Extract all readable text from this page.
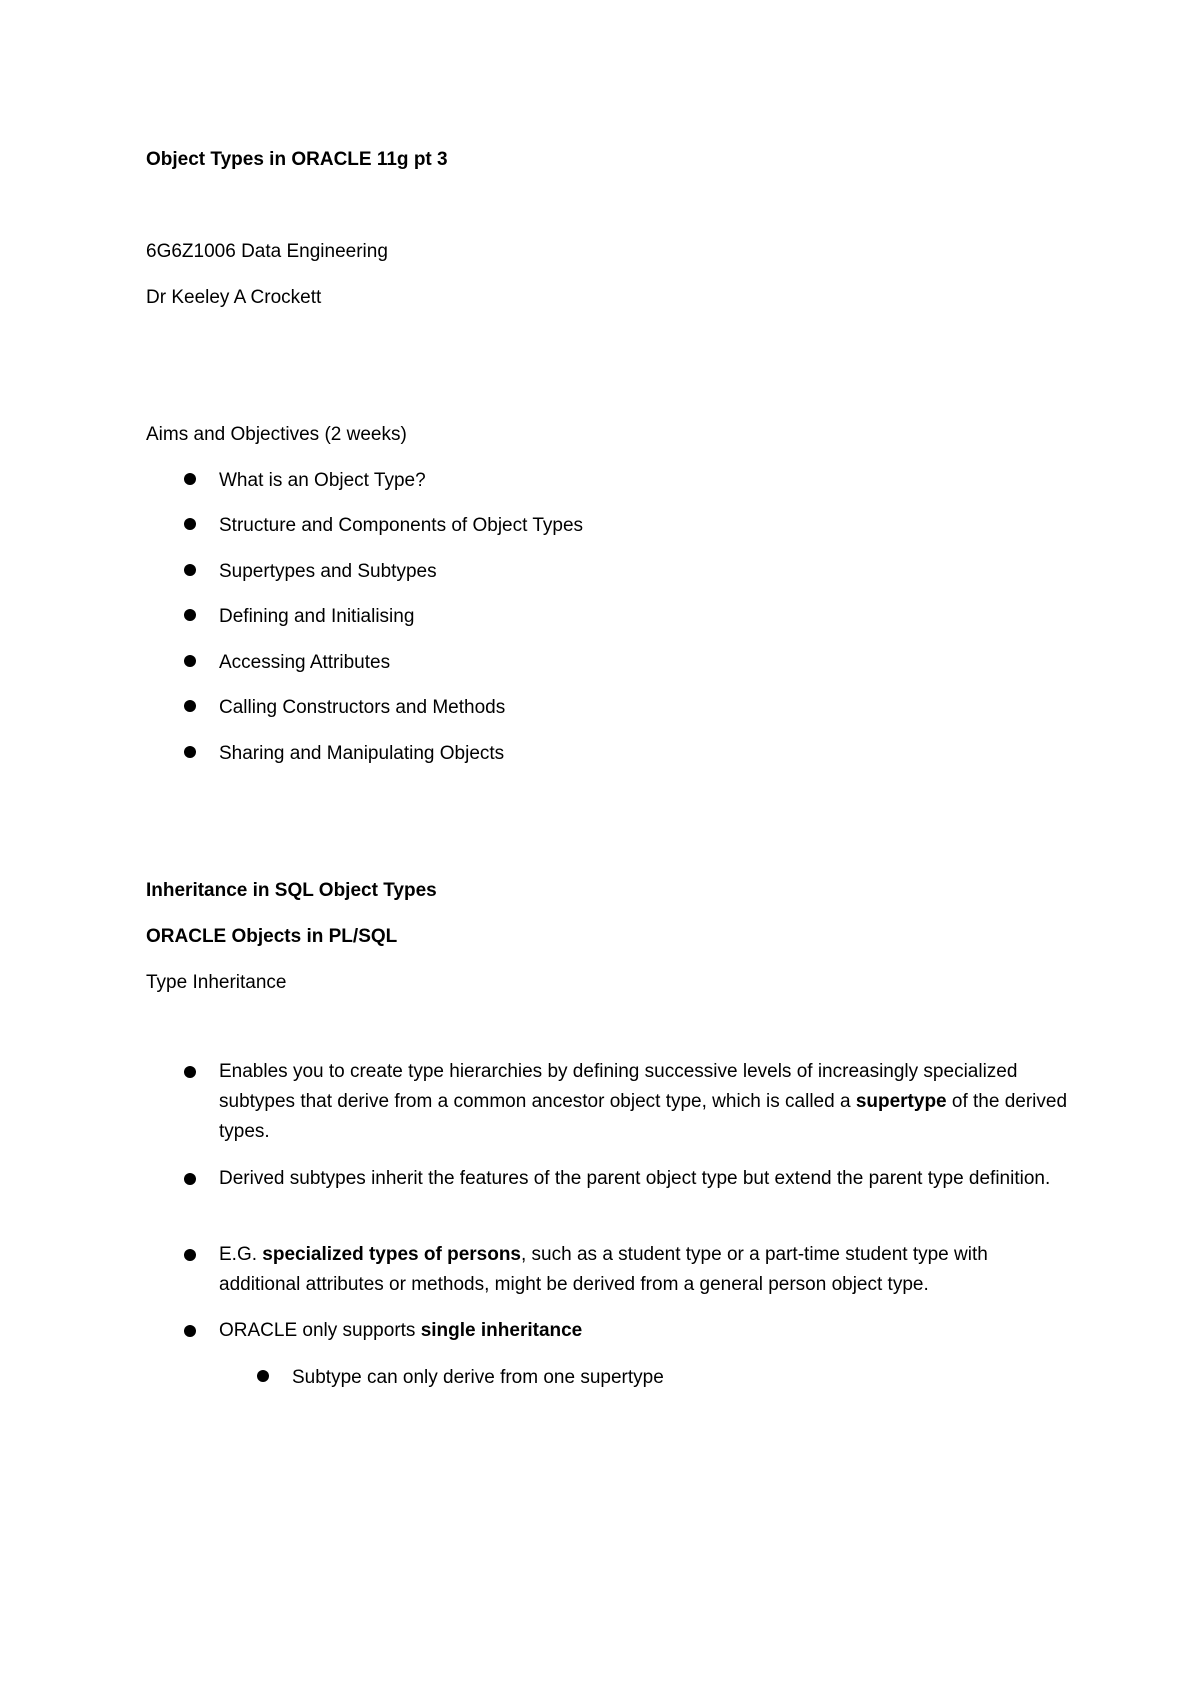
Object Types in ORACLE 11g pt 3
6G6Z1006 Data Engineering
Dr Keeley A Crockett
Aims and Objectives (2 weeks)
What is an Object Type?
Structure and Components of Object Types
Supertypes and Subtypes
Defining and Initialising
Accessing Attributes
Calling Constructors and Methods
Sharing and Manipulating Objects
Inheritance in SQL Object Types
ORACLE Objects in PL/SQL
Type Inheritance
Enables you to create type hierarchies by defining successive levels of increasingly specialized subtypes that derive from a common ancestor object type, which is called a supertype of the derived types.
Derived subtypes inherit the features of the parent object type but extend the parent type definition.
E.G. specialized types of persons, such as a student type or a part-time student type with additional attributes or methods, might be derived from a general person object type.
ORACLE only supports single inheritance
Subtype can only derive from one supertype
